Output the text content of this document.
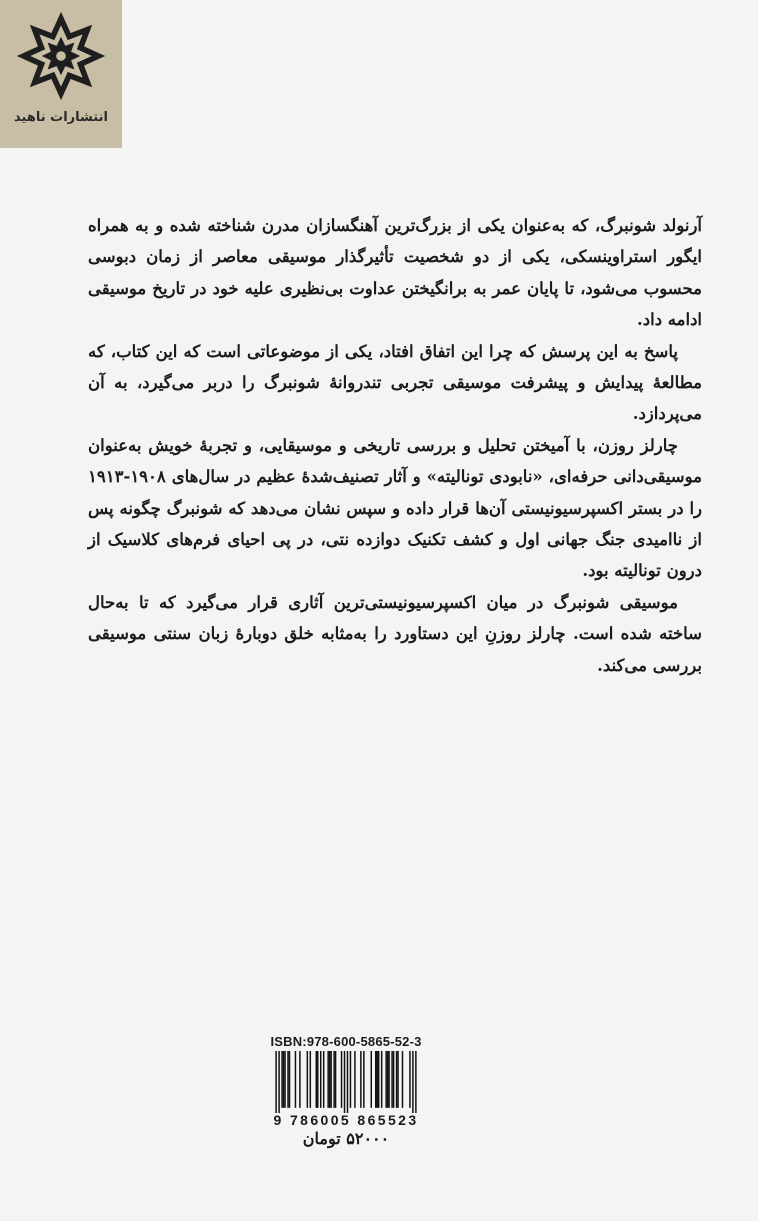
انتشارات ناهید

آرنولد شونبرگ، که به‌عنوان یکی از بزرگ‌ترین آهنگسازان مدرن شناخته شده و به همراه ایگور استراوینسکی، یکی از دو شخصیت تأثیرگذار موسیقی معاصر از زمان دبوسی محسوب می‌شود، تا پایان عمر به برانگیختن عداوت بی‌نظیری علیه خود در تاریخ موسیقی ادامه داد.

پاسخ به این پرسش که چرا این اتفاق افتاد، یکی از موضوعاتی است که این کتاب، که مطالعهٔ پیدایش و پیشرفت موسیقی تجربی تندروانهٔ شونبرگ را دربر می‌گیرد، به آن می‌پردازد.

چارلز روزن، با آمیختن تحلیل و بررسی تاریخی و موسیقایی، و تجربهٔ خویش به‌عنوان موسیقی‌دانی حرفه‌ای، «نابودی تونالیته» و آثار تصنیف‌شدهٔ عظیم در سال‌های ۱۹۰۸-۱۹۱۳ را در بستر اکسپرسیونیستی آن‌ها قرار داده و سپس نشان می‌دهد که شونبرگ چگونه پس از ناامیدی جنگ جهانی اول و کشف تکنیک دوازده نتی، در پی احیای فرم‌های کلاسیک از درون تونالیته بود.

موسیقی شونبرگ در میان اکسپرسیونیستی‌ترین آثاری قرار می‌گیرد که تا به‌حال ساخته شده است. چارلز روزنِ این دستاورد را به‌مثابه خلق دوبارهٔ زبان سنتی موسیقی بررسی می‌کند.

ISBN:978-600-5865-52-3
9 786005 865523
۵۲۰۰۰ تومان
